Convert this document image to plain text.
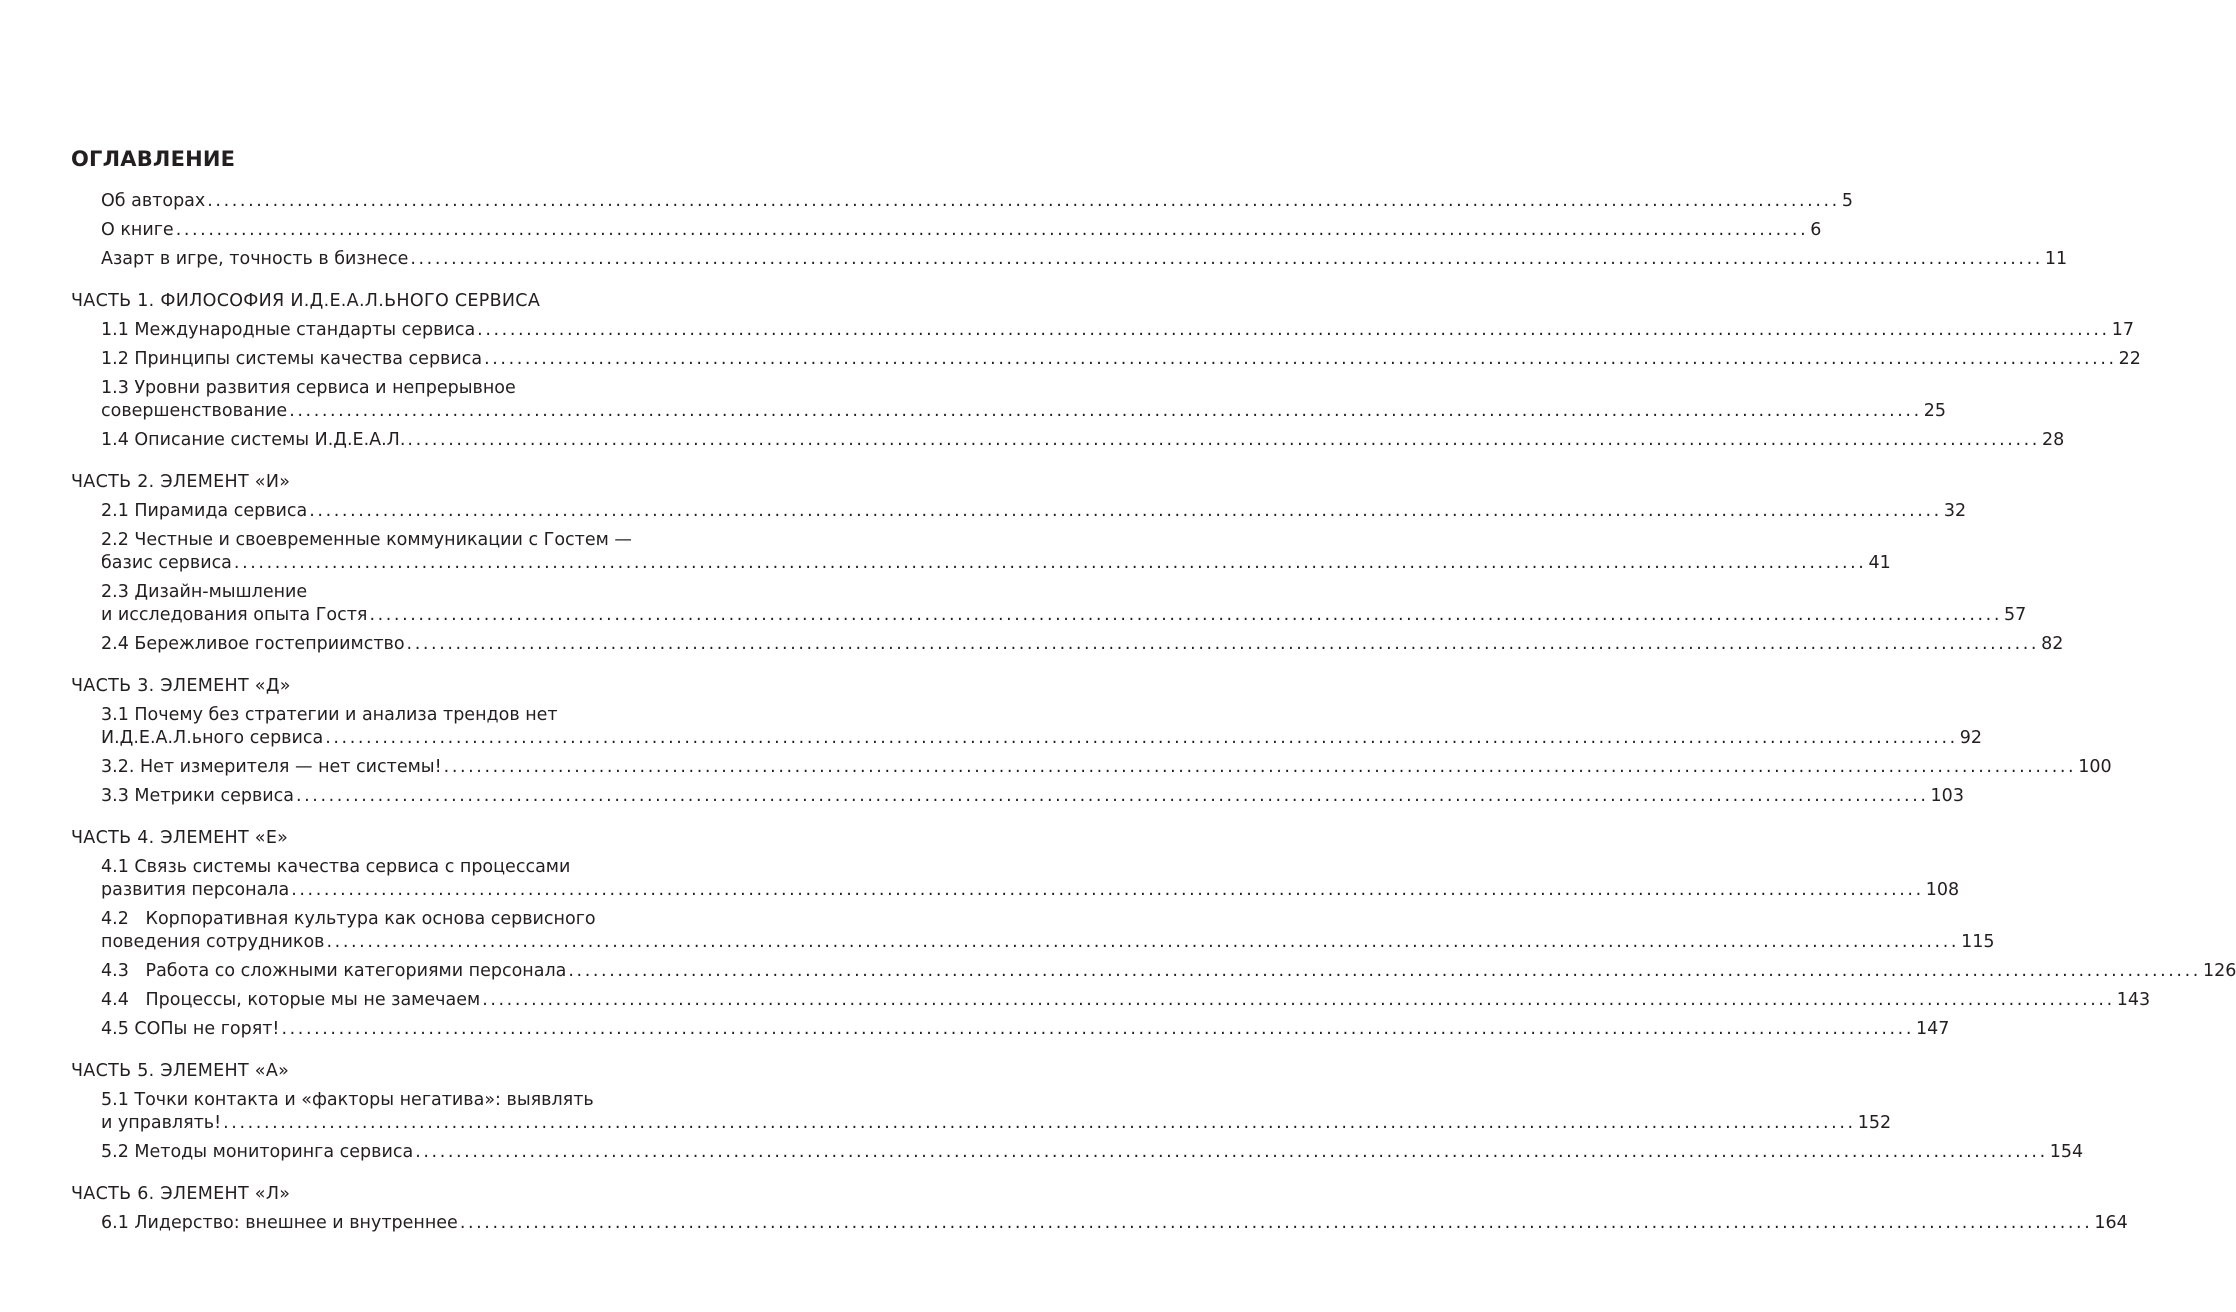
ОГЛАВЛЕНИЕ
Об авторах ........................................................................................................................................................................................................ 5
О книге ........................................................................................................................................................................................................ 6
Азарт в игре, точность в бизнесе ........................................................................................................................................................................................................ 11
ЧАСТЬ 1. ФИЛОСОФИЯ И.Д.Е.А.Л.ЬНОГО СЕРВИСА
1.1 Международные стандарты сервиса ........................................................................................................................................................................................................ 17
1.2 Принципы системы качества сервиса ........................................................................................................................................................................................................ 22
1.3 Уровни развития сервиса и непрерывное
совершенствование ........................................................................................................................................................................................................ 25
1.4 Описание системы И.Д.Е.А.Л. ........................................................................................................................................................................................................ 28
ЧАСТЬ 2. ЭЛЕМЕНТ «И»
2.1 Пирамида сервиса ........................................................................................................................................................................................................ 32
2.2 Честные и своевременные коммуникации с Гостем —
базис сервиса ........................................................................................................................................................................................................ 41
2.3 Дизайн-мышление
и исследования опыта Гостя ........................................................................................................................................................................................................ 57
2.4 Бережливое гостеприимство ........................................................................................................................................................................................................ 82
ЧАСТЬ 3. ЭЛЕМЕНТ «Д»
3.1 Почему без стратегии и анализа трендов нет
И.Д.Е.А.Л.ьного сервиса ........................................................................................................................................................................................................ 92
3.2. Нет измерителя — нет системы! ........................................................................................................................................................................................................ 100
3.3 Метрики сервиса ........................................................................................................................................................................................................ 103
ЧАСТЬ 4. ЭЛЕМЕНТ «Е»
4.1 Связь системы качества сервиса с процессами
развития персонала ........................................................................................................................................................................................................ 108
4.2   Корпоративная культура как основа сервисного
поведения сотрудников ........................................................................................................................................................................................................ 115
4.3   Работа со сложными категориями персонала ........................................................................................................................................................................................................ 126
4.4   Процессы, которые мы не замечаем ........................................................................................................................................................................................................ 143
4.5 СОПы не горят! ........................................................................................................................................................................................................ 147
ЧАСТЬ 5. ЭЛЕМЕНТ «А»
5.1 Точки контакта и «факторы негатива»: выявлять
и управлять! ........................................................................................................................................................................................................ 152
5.2 Методы мониторинга сервиса ........................................................................................................................................................................................................ 154
ЧАСТЬ 6. ЭЛЕМЕНТ «Л»
6.1 Лидерство: внешнее и внутреннее ........................................................................................................................................................................................................ 164
